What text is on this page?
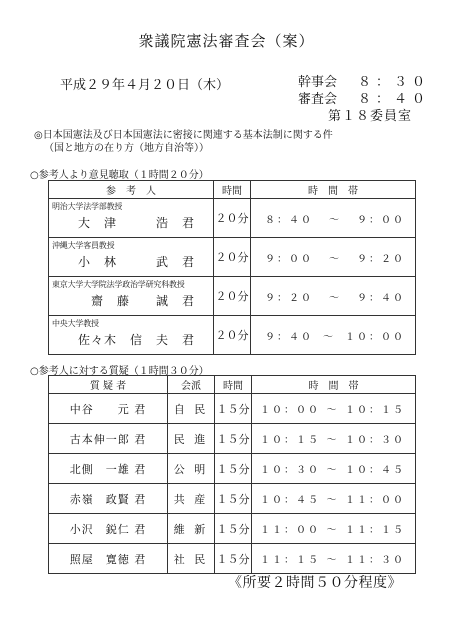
衆議院憲法審査会（案）
平成２９年４月２０日（木）	幹事会	８：３０
審査会	８：４０
第１８委員室
◎日本国憲法及び日本国憲法に密接に関連する基本法制に関する件
（国と地方の在り方（地方自治等））
○参考人より意見聴取（１時間２０分）
参　考　人	時間	時　間　帯

明治大学法学部教授
大　津　　　浩　君	２０分	８：４０ ～ ９：００

沖縄大学客員教授
小　林　　　武　君	２０分	９：００ ～ ９：２０

東京大学大学院法学政治学研究科教授
齋　藤　　誠　君	２０分	９：２０ ～ ９：４０

中央大学教授
佐々木　信　夫　君	２０分	９：４０ ～ １０：００
○参考人に対する質疑（１時間３０分）
質 疑 者	会派	時間	時　間　帯
中谷　　元 君	自 民	１５分	１０：００ ～ １０：１５

古本伸一郎 君	民 進	１５分	１０：１５ ～ １０：３０

北側　一雄 君	公 明	１５分	１０：３０ ～ １０：４５

赤嶺　政賢 君	共 産	１５分	１０：４５ ～ １１：００

小沢　鋭仁 君	維 新	１５分	１１：００ ～ １１：１５

照屋　寛徳 君	社 民	１５分	１１：１５ ～ １１：３０
《所要２時間５０分程度》
